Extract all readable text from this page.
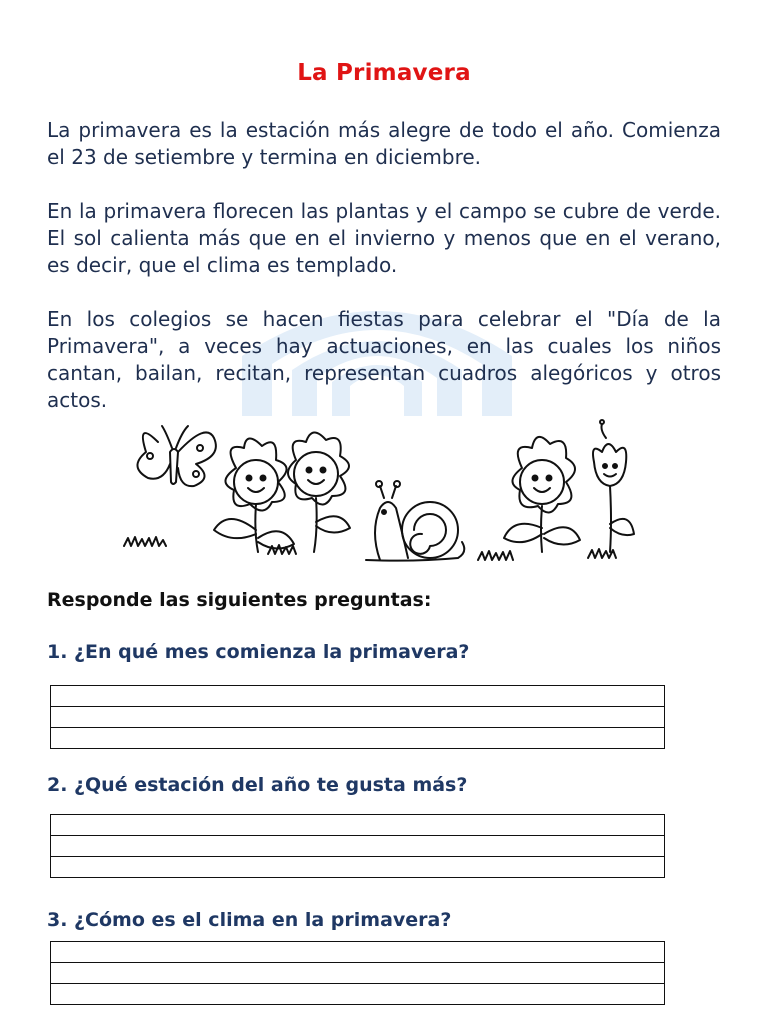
La Primavera

La primavera es la estación más alegre de todo el año. Comienza el 23 de setiembre y termina en diciembre.

En la primavera florecen las plantas y el campo se cubre de verde. El sol calienta más que en el invierno y menos que en el verano, es decir, que el clima es templado.

En los colegios se hacen fiestas para celebrar el "Día de la Primavera", a veces hay actuaciones, en las cuales los niños cantan, bailan, recitan, representan cuadros alegóricos y otros actos.

Responde las siguientes preguntas:
1. ¿En qué mes comienza la primavera?
2. ¿Qué estación del año te gusta más?
3. ¿Cómo es el clima en la primavera?
